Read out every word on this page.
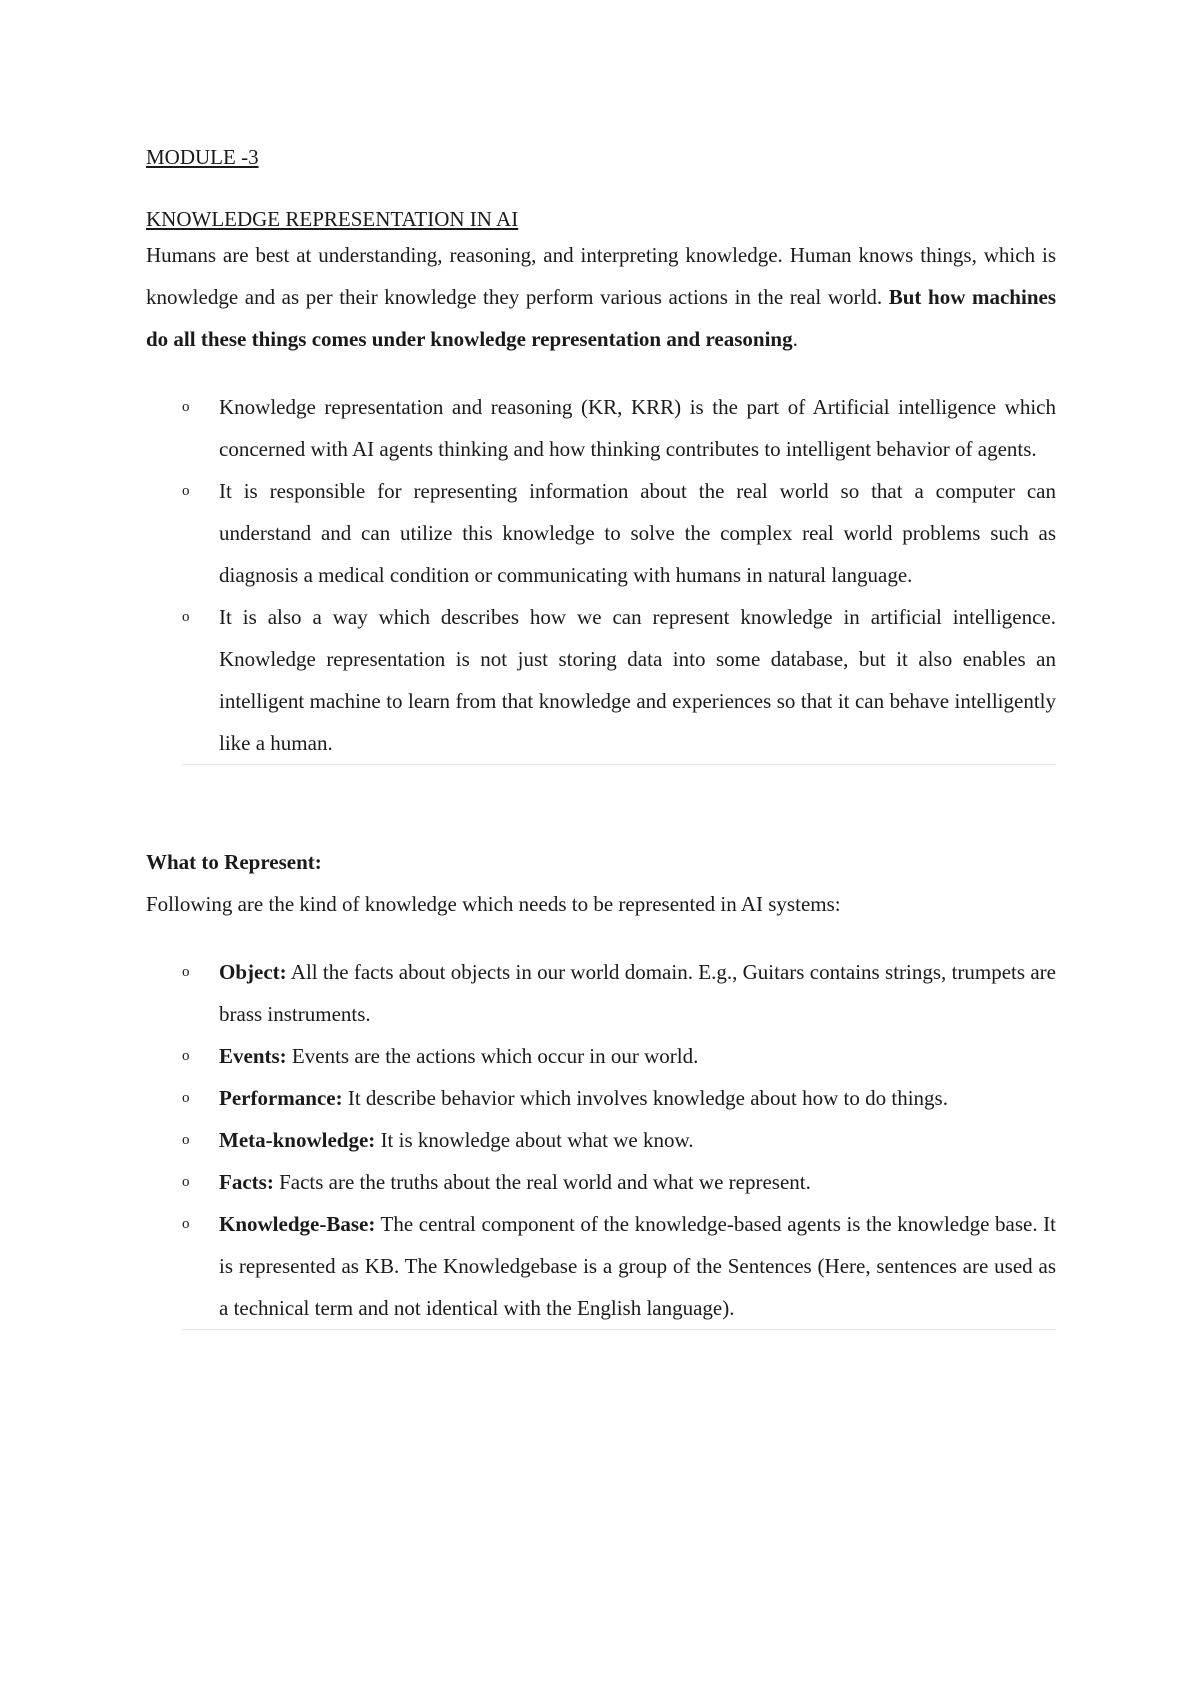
MODULE -3
KNOWLEDGE REPRESENTATION IN AI

Humans are best at understanding, reasoning, and interpreting knowledge. Human knows things, which is knowledge and as per their knowledge they perform various actions in the real world. But how machines do all these things comes under knowledge representation and reasoning.

o Knowledge representation and reasoning (KR, KRR) is the part of Artificial intelligence which concerned with AI agents thinking and how thinking contributes to intelligent behavior of agents.
o It is responsible for representing information about the real world so that a computer can understand and can utilize this knowledge to solve the complex real world problems such as diagnosis a medical condition or communicating with humans in natural language.
o It is also a way which describes how we can represent knowledge in artificial intelligence. Knowledge representation is not just storing data into some database, but it also enables an intelligent machine to learn from that knowledge and experiences so that it can behave intelligently like a human.
What to Represent:

Following are the kind of knowledge which needs to be represented in AI systems:

o Object: All the facts about objects in our world domain. E.g., Guitars contains strings, trumpets are brass instruments.
o Events: Events are the actions which occur in our world.
o Performance: It describe behavior which involves knowledge about how to do things.
o Meta-knowledge: It is knowledge about what we know.
o Facts: Facts are the truths about the real world and what we represent.
o Knowledge-Base: The central component of the knowledge-based agents is the knowledge base. It is represented as KB. The Knowledgebase is a group of the Sentences (Here, sentences are used as a technical term and not identical with the English language).
